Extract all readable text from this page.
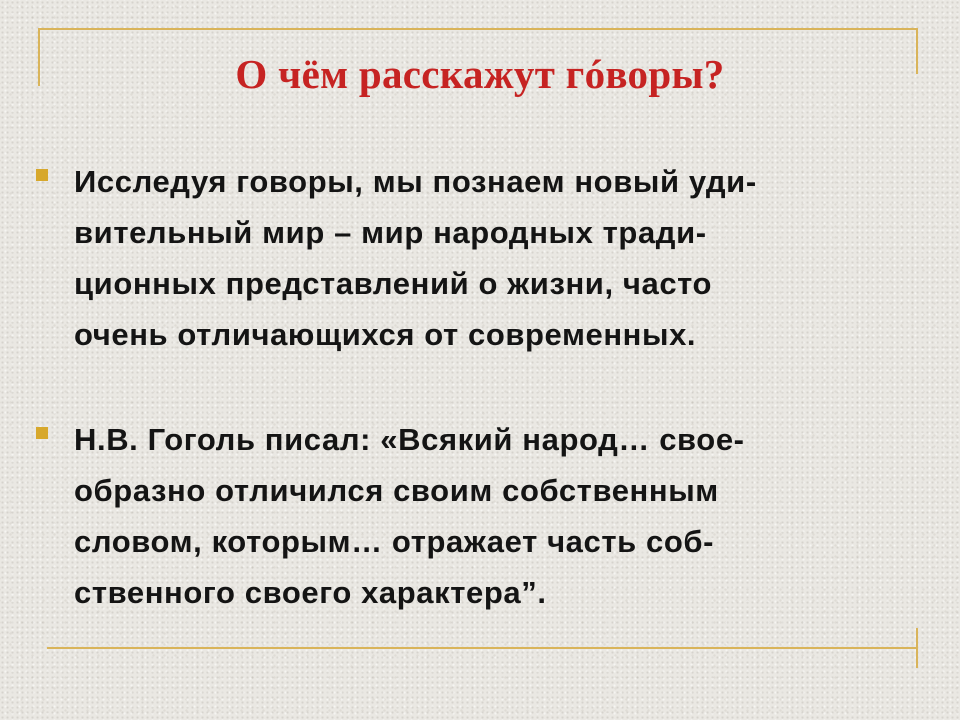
О чём расскажут гóворы?

Исследуя говоры, мы познаем новый уди-
вительный мир – мир народных тради-
ционных представлений о жизни, часто
очень отличающихся от современных.

Н.В. Гоголь писал: «Всякий народ… свое-
образно отличился своим собственным
словом, которым… отражает часть соб-
ственного своего характера”.
